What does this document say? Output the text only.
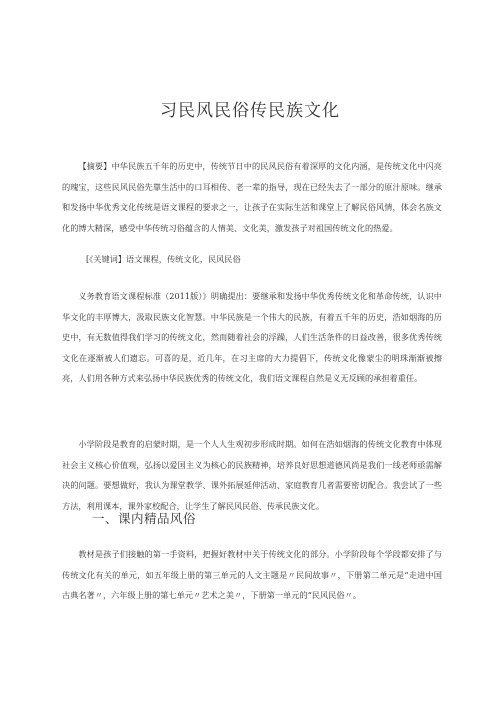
习民风民俗传民族文化

【摘要】中华民族五千年的历史中，传统节日中的民风民俗有着深厚的文化内涵，是传统文化中闪亮的瑰宝，这些民风民俗先靠生活中的口耳相传、老一辈的指导，现在已经失去了一部分的原汁原味。继承和发扬中华优秀文化传统是语文课程的要求之一，让孩子在实际生活和课堂上了解民俗风情，体会名族文化的博大精深，感受中华传统习俗蕴含的人情美、文化美，激发孩子对祖国传统文化的热爱。

[《关键词】语文课程，传统文化，民风民俗

义务教育语文课程标准（2011版）》明确提出：要继承和发扬中华优秀传统文化和革命传统，认识中华文化的丰厚博大，汲取民族文化智慧。中华民族是一个伟大的民族，有着五千年的历史，浩如烟海的历史中，有无数值得我们学习的传统文化，然而随着社会的浮躁，人们生活条件的日益改善，很多优秀传统文化在逐渐被人们遗忘。可喜的是，近几年，在习主席的大力提倡下，传统文化像蒙尘的明珠渐渐被擦亮，人们用各种方式来弘扬中华民族优秀的传统文化，我们语文课程自然是义无反顾的承担着重任。

小学阶段是教育的启蒙时期，是一个人人生观初步形成时期。如何在浩如烟海的传统文化教育中体现社会主义核心价值观，弘扬以爱国主义为核心的民族精神，培养良好思想道德风尚是我们一线老师亟需解决的问题。要想做好，我认为课堂教学、课外拓展延伸活动、家庭教育几者需要密切配合。我尝试了一些方法，利用课本，课外家校配合，让学生了解民风民俗、传承民族文化。

一、课内精品风俗

教材是孩子们接触的第一手资料，把握好教材中关于传统文化的部分。小学阶段每个学段都安排了与传统文化有关的单元，如五年级上册的第三单元的人文主题是〃民间故事〃，下册第二单元是“走进中国古典名著〃，六年级上册的第七单元〃艺术之美〃，下册第一单元的“民风民俗〃。
